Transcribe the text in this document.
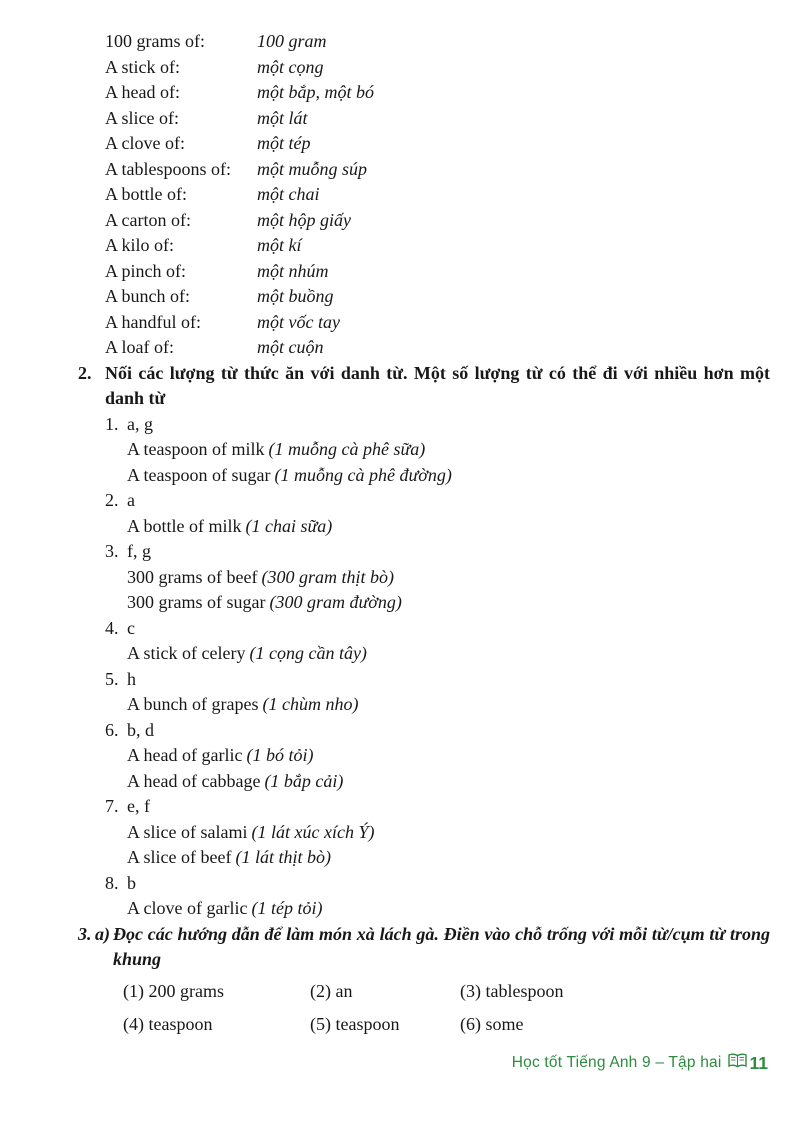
100 grams of:	100 gram
A stick of:	một cọng
A head of:	một bắp, một bó
A slice of:	một lát
A clove of:	một tép
A tablespoons of:	một muỗng súp
A bottle of:	một chai
A carton of:	một hộp giấy
A kilo of:	một kí
A pinch of:	một nhúm
A bunch of:	một buồng
A handful of:	một vốc tay
A loaf of:	một cuộn
2. Nối các lượng từ thức ăn với danh từ. Một số lượng từ có thể đi với nhiều hơn một danh từ
1. a, g
A teaspoon of milk (1 muỗng cà phê sữa)
A teaspoon of sugar (1 muỗng cà phê đường)
2. a
A bottle of milk (1 chai sữa)
3. f, g
300 grams of beef (300 gram thịt bò)
300 grams of sugar (300 gram đường)
4. c
A stick of celery (1 cọng cần tây)
5. h
A bunch of grapes (1 chùm nho)
6. b, d
A head of garlic (1 bó tỏi)
A head of cabbage (1 bắp cải)
7. e, f
A slice of salami (1 lát xúc xích Ý)
A slice of beef (1 lát thịt bò)
8. b
A clove of garlic (1 tép tỏi)
3. a) Đọc các hướng dẫn để làm món xà lách gà. Điền vào chỗ trống với mỗi từ/cụm từ trong khung
(1) 200 grams	(2) an	(3) tablespoon
(4) teaspoon	(5) teaspoon	(6) some
Học tốt Tiếng Anh 9 – Tập hai 11
